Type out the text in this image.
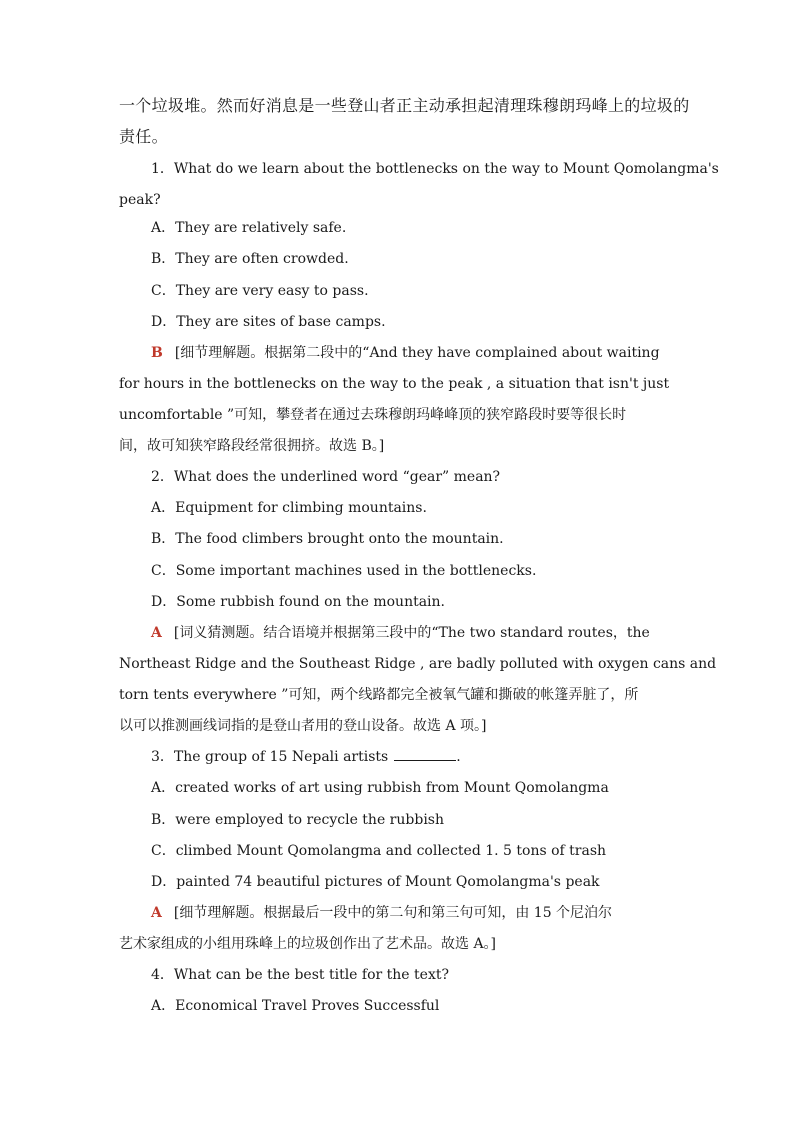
一个垃圾堆。然而好消息是一些登山者正主动承担起清理珠穆朗玛峰上的垃圾的
责任。
1．What do we learn about the bottlenecks on the way to Mount Qomolangma's
peak?
A．They are relatively safe.
B．They are often crowded.
C．They are very easy to pass.
D．They are sites of base camps.
B [细节理解题。根据第二段中的“And they have complained about waiting
for hours in the bottlenecks on the way to the peak , a situation that isn't just
uncomfortable ”可知，攀登者在通过去珠穆朗玛峰峰顶的狭窄路段时要等很长时
间，故可知狭窄路段经常很拥挤。故选 B。]
2．What does the underlined word “gear” mean?
A．Equipment for climbing mountains.
B．The food climbers brought onto the mountain.
C．Some important machines used in the bottlenecks.
D．Some rubbish found on the mountain.
A [词义猜测题。结合语境并根据第三段中的“The two standard routes，the
Northeast Ridge and the Southeast Ridge , are badly polluted with oxygen cans and
torn tents everywhere ”可知，两个线路都完全被氧气罐和撕破的帐篷弄脏了，所
以可以推测画线词指的是登山者用的登山设备。故选 A 项。]
3．The group of 15 Nepali artists	.
A．created works of art using rubbish from Mount Qomolangma
B．were employed to recycle the rubbish
C．climbed Mount Qomolangma and collected 1. 5 tons of trash
D．painted 74 beautiful pictures of Mount Qomolangma's peak
A [细节理解题。根据最后一段中的第二句和第三句可知，由 15 个尼泊尔
艺术家组成的小组用珠峰上的垃圾创作出了艺术品。故选 A。]
4．What can be the best title for the text?
A．Economical Travel Proves Successful
